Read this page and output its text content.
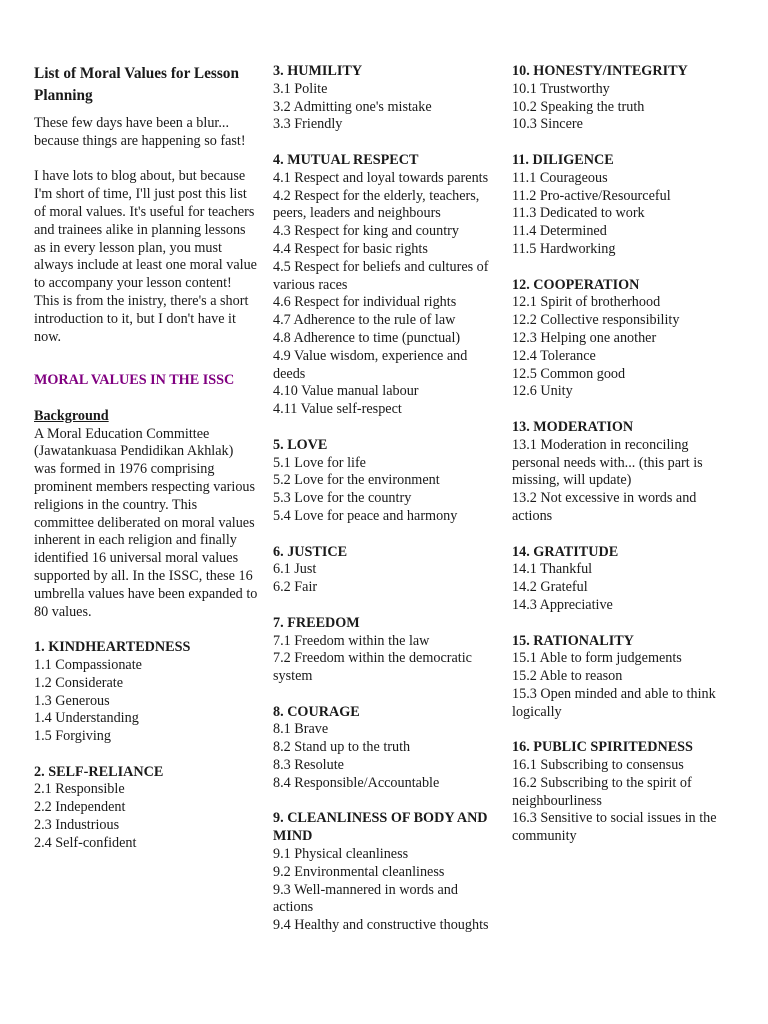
List of Moral Values for Lesson Planning

These few days have been a blur... because things are happening so fast!

I have lots to blog about, but because I'm short of time, I'll just post this list of moral values. It's useful for teachers and trainees alike in planning lessons as in every lesson plan, you must always include at least one moral value to accompany your lesson content! This is from the inistry, there's a short introduction to it, but I don't have it now.

MORAL VALUES IN THE ISSC

Background

A Moral Education Committee (Jawatankuasa Pendidikan Akhlak) was formed in 1976 comprising prominent members respecting various religions in the country. This committee deliberated on moral values inherent in each religion and finally identified 16 universal moral values supported by all. In the ISSC, these 16 umbrella values have been expanded to 80 values.

1. KINDHEARTEDNESS
1.1 Compassionate
1.2 Considerate
1.3 Generous
1.4 Understanding
1.5 Forgiving
2. SELF-RELIANCE
2.1 Responsible
2.2 Independent
2.3 Industrious
2.4 Self-confident
3. HUMILITY
3.1 Polite
3.2 Admitting one's mistake
3.3 Friendly
4. MUTUAL RESPECT
4.1 Respect and loyal towards parents
4.2 Respect for the elderly, teachers, peers, leaders and neighbours
4.3 Respect for king and country
4.4 Respect for basic rights
4.5 Respect for beliefs and cultures of various races
4.6 Respect for individual rights
4.7 Adherence to the rule of law
4.8 Adherence to time (punctual)
4.9 Value wisdom, experience and deeds
4.10 Value manual labour
4.11 Value self-respect
5. LOVE
5.1 Love for life
5.2 Love for the environment
5.3 Love for the country
5.4 Love for peace and harmony
6. JUSTICE
6.1 Just
6.2 Fair
7. FREEDOM
7.1 Freedom within the law
7.2 Freedom within the democratic system
8. COURAGE
8.1 Brave
8.2 Stand up to the truth
8.3 Resolute
8.4 Responsible/Accountable
9. CLEANLINESS OF BODY AND MIND
9.1 Physical cleanliness
9.2 Environmental cleanliness
9.3 Well-mannered in words and actions
9.4 Healthy and constructive thoughts
10. HONESTY/INTEGRITY
10.1 Trustworthy
10.2 Speaking the truth
10.3 Sincere
11. DILIGENCE
11.1 Courageous
11.2 Pro-active/Resourceful
11.3 Dedicated to work
11.4 Determined
11.5 Hardworking
12. COOPERATION
12.1 Spirit of brotherhood
12.2 Collective responsibility
12.3 Helping one another
12.4 Tolerance
12.5 Common good
12.6 Unity
13. MODERATION
13.1 Moderation in reconciling personal needs with... (this part is missing, will update)
13.2 Not excessive in words and actions
14. GRATITUDE
14.1 Thankful
14.2 Grateful
14.3 Appreciative
15. RATIONALITY
15.1 Able to form judgements
15.2 Able to reason
15.3 Open minded and able to think logically
16. PUBLIC SPIRITEDNESS
16.1 Subscribing to consensus
16.2 Subscribing to the spirit of neighbourliness
16.3 Sensitive to social issues in the community
